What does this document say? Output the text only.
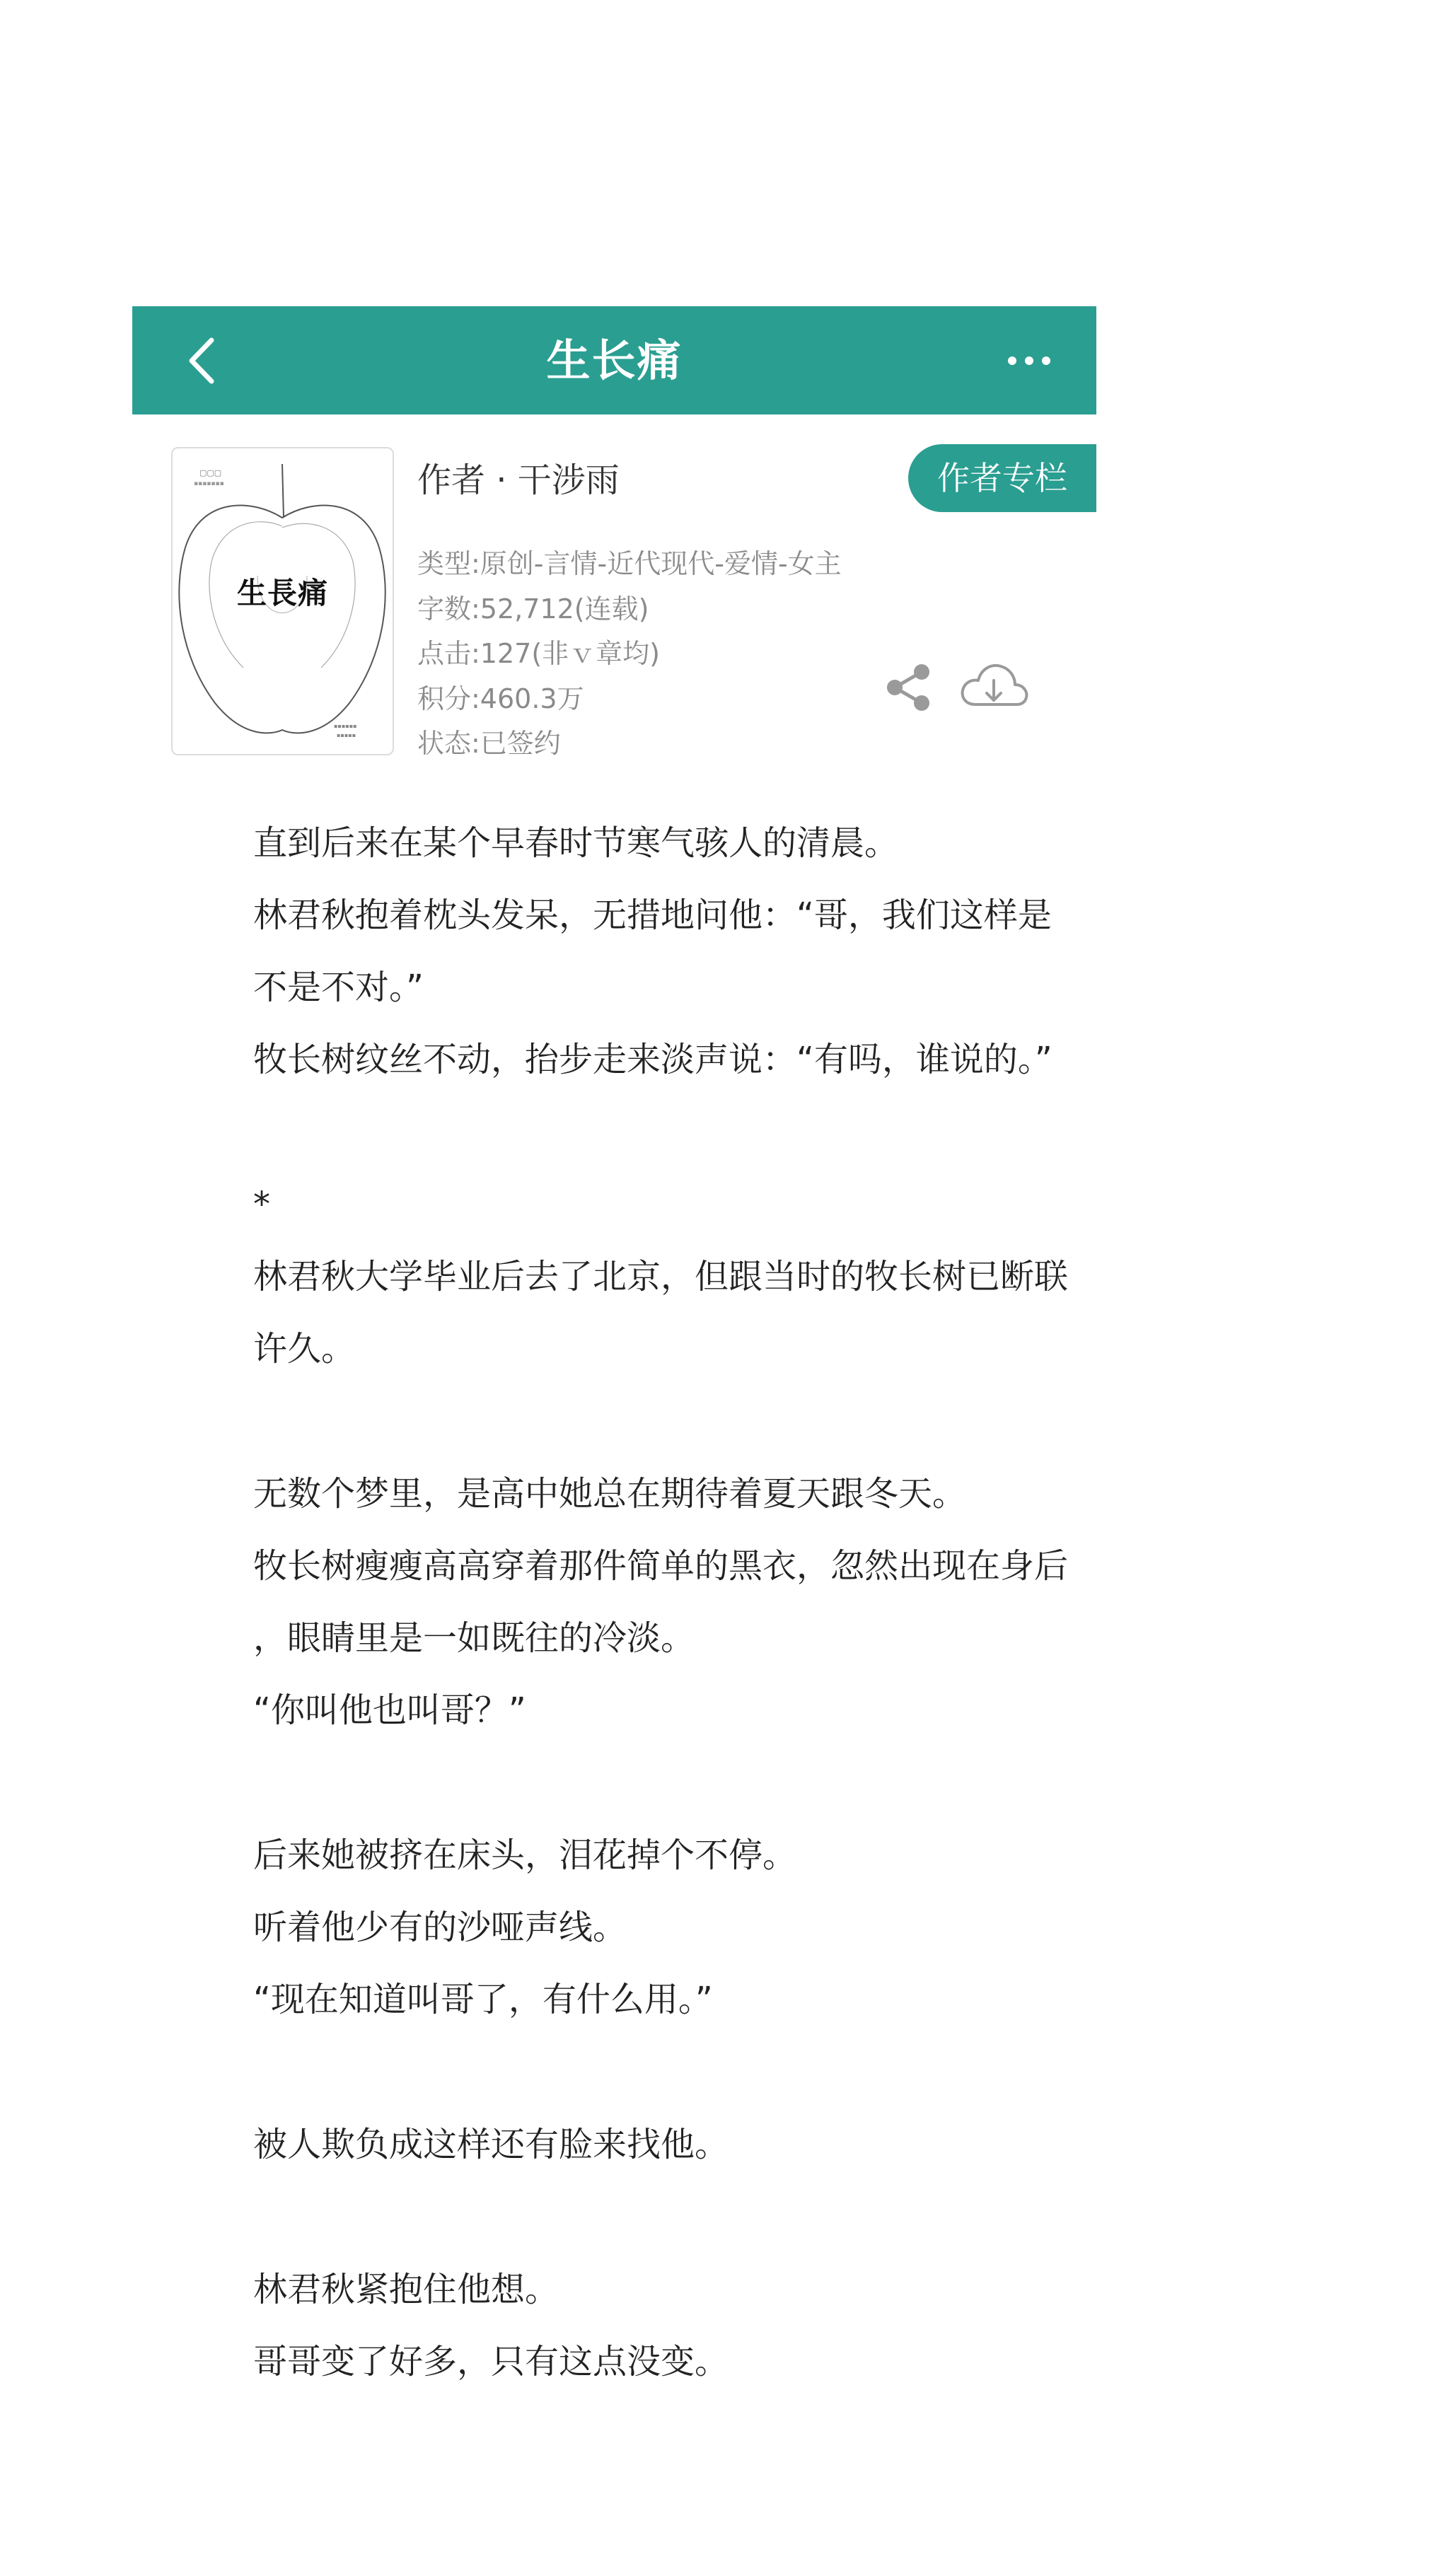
生长痛
▢▢▢
▪▪▪▪▪▪▪
▪▪▪▪▪▪
▪▪▪▪▪
生長痛
作者 · 干涉雨	作者专栏
类型:原创-言情-近代现代-爱情-女主
字数:52,712(连载)
点击:127(非ｖ章均)
积分:460.3万
状态:已签约
直到后来在某个早春时节寒气骇人的清晨。
林君秋抱着枕头发呆，无措地问他：“哥，我们这样是
不是不对。”
牧长树纹丝不动，抬步走来淡声说：“有吗，谁说的。”
*
林君秋大学毕业后去了北京，但跟当时的牧长树已断联
许久。
无数个梦里，是高中她总在期待着夏天跟冬天。
牧长树瘦瘦高高穿着那件简单的黑衣，忽然出现在身后
，眼睛里是一如既往的冷淡。
“你叫他也叫哥？”
后来她被挤在床头，泪花掉个不停。
听着他少有的沙哑声线。
“现在知道叫哥了，有什么用。”
被人欺负成这样还有脸来找他。
林君秋紧抱住他想。
哥哥变了好多，只有这点没变。
